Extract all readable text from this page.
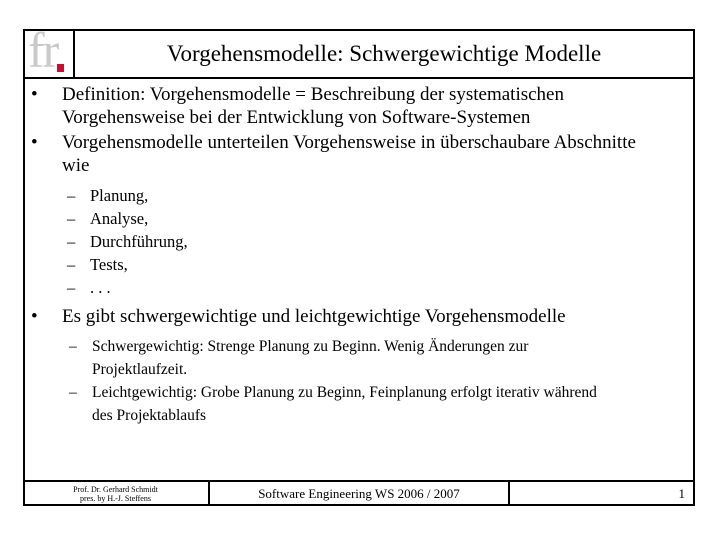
fr	Vorgehensmodelle: Schwergewichtige Modelle
• Definition: Vorgehensmodelle = Beschreibung der systematischen
Vorgehensweise bei der Entwicklung von Software-Systemen
• Vorgehensmodelle unterteilen Vorgehensweise in überschaubare Abschnitte
wie
– Planung,
– Analyse,
– Durchführung,
– Tests,
– . . .
• Es gibt schwergewichtige und leichtgewichtige Vorgehensmodelle
– Schwergewichtig: Strenge Planung zu Beginn. Wenig Änderungen zur
Projektlaufzeit.
– Leichtgewichtig: Grobe Planung zu Beginn, Feinplanung erfolgt iterativ während
des Projektablaufs
Prof. Dr. Gerhard Schmidt
pres. by H.-J. Steffens	Software Engineering WS 2006 / 2007	1
